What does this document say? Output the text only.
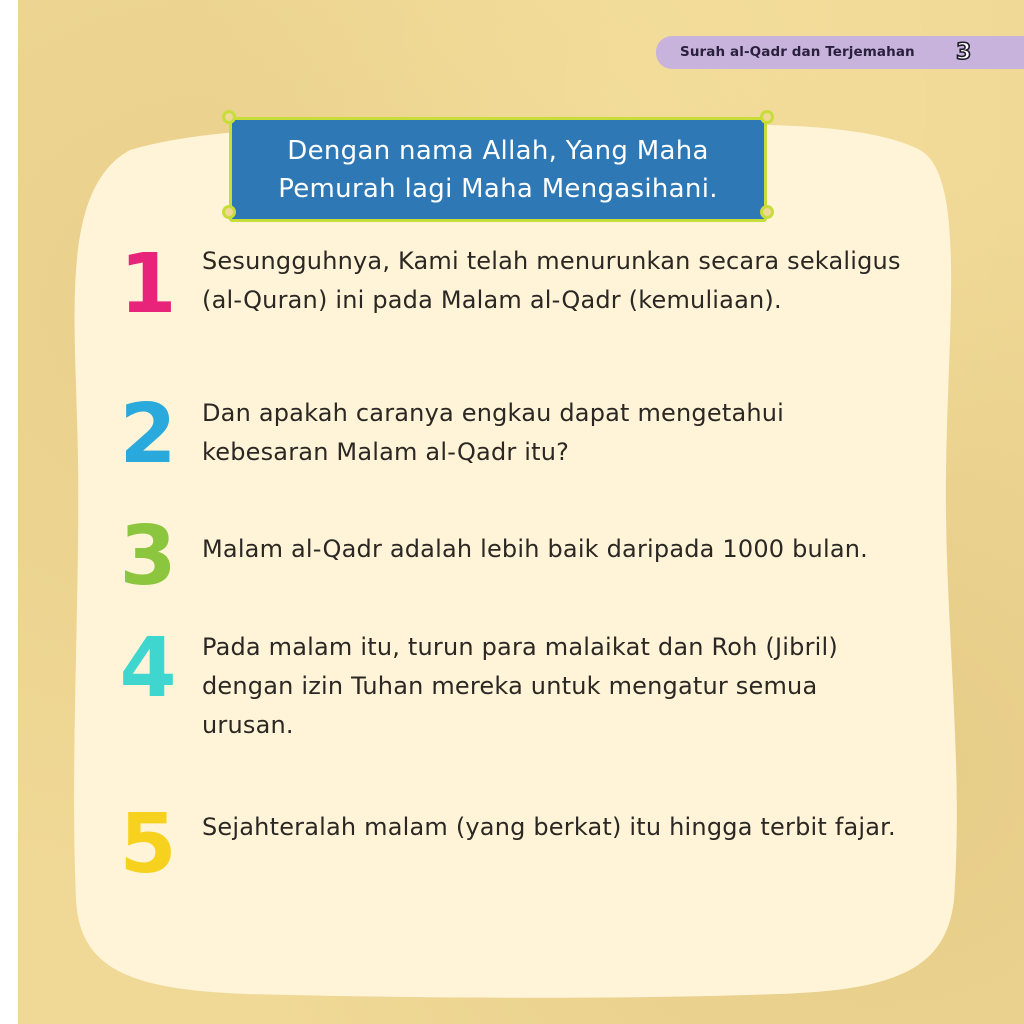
Surah al-Qadr dan Terjemahan 3
Dengan nama Allah, Yang Maha
Pemurah lagi Maha Mengasihani.
1	Sesungguhnya, Kami telah menurunkan secara sekaligus (al-Quran) ini pada Malam al-Qadr (kemuliaan).
2	Dan apakah caranya engkau dapat mengetahui kebesaran Malam al-Qadr itu?
3	Malam al-Qadr adalah lebih baik daripada 1000 bulan.
4	Pada malam itu, turun para malaikat dan Roh (Jibril) dengan izin Tuhan mereka untuk mengatur semua urusan.
5	Sejahteralah malam (yang berkat) itu hingga terbit fajar.
